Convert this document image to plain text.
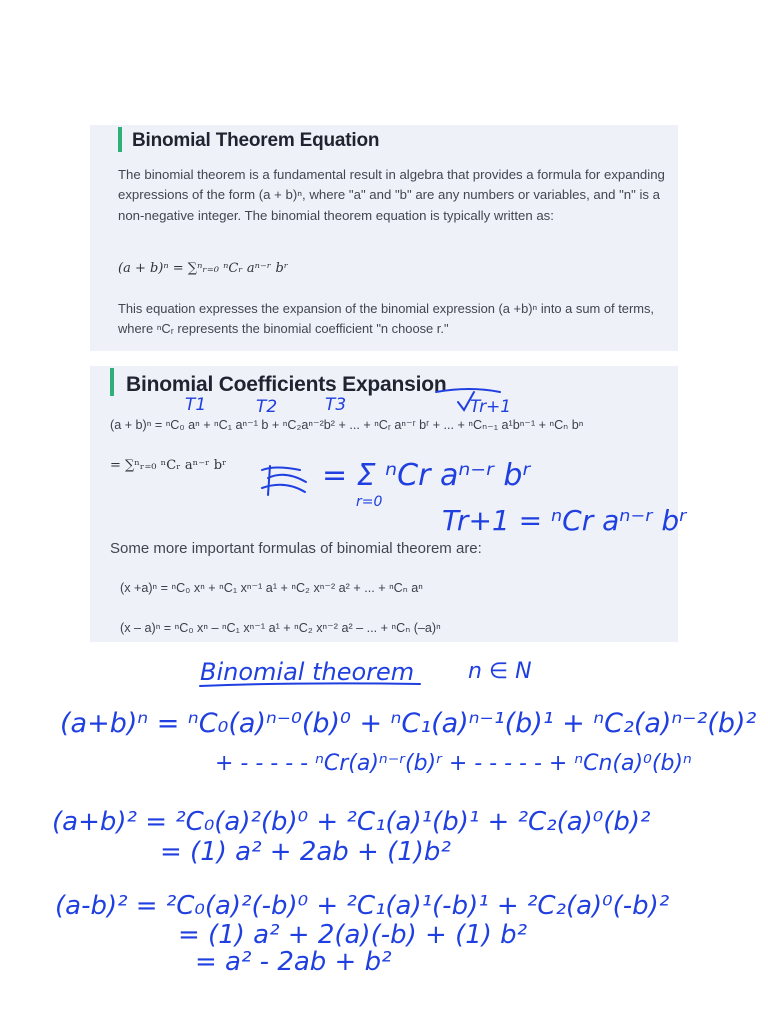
Binomial Theorem Equation
The binomial theorem is a fundamental result in algebra that provides a formula for expanding expressions of the form (a + b)ⁿ, where "a" and "b" are any numbers or variables, and "n" is a non-negative integer. The binomial theorem equation is typically written as:
(a + b)ⁿ = ∑ⁿᵣ₌₀ ⁿCᵣ aⁿ⁻ʳ bʳ
This equation expresses the expansion of the binomial expression (a +b)ⁿ into a sum of terms, where ⁿCᵣ represents the binomial coefficient "n choose r."
Binomial Coefficients Expansion
(a + b)ⁿ = ⁿC₀ aⁿ + ⁿC₁ aⁿ⁻¹ b + ⁿC₂aⁿ⁻²b² + ... + ⁿCᵣ aⁿ⁻ʳ bʳ + ... + ⁿCₙ₋₁ a¹bⁿ⁻¹ + ⁿCₙ bⁿ
= ∑ⁿᵣ₌₀ ⁿCᵣ aⁿ⁻ʳ bʳ
Some more important formulas of binomial theorem are:
(x +a)ⁿ = ⁿC₀ xⁿ + ⁿC₁ xⁿ⁻¹ a¹ + ⁿC₂ xⁿ⁻² a² + ... + ⁿCₙ aⁿ
(x – a)ⁿ = ⁿC₀ xⁿ – ⁿC₁ xⁿ⁻¹ a¹ + ⁿC₂ xⁿ⁻² a² – ... + ⁿCₙ (–a)ⁿ
T1	T2	T3	Tr+1
= Σ ⁿCr aⁿ⁻ʳ bʳ
r=0
Tr+1 = ⁿCr aⁿ⁻ʳ bʳ
Binomial theorem n ∈ N
(a+b)ⁿ = ⁿC₀(a)ⁿ⁻⁰(b)⁰ + ⁿC₁(a)ⁿ⁻¹(b)¹ + ⁿC₂(a)ⁿ⁻²(b)²
+ - - - - - ⁿCr(a)ⁿ⁻ʳ(b)ʳ + - - - - - + ⁿCn(a)⁰(b)ⁿ
(a+b)² = ²C₀(a)²(b)⁰ + ²C₁(a)¹(b)¹ + ²C₂(a)⁰(b)²
= (1) a² + 2ab + (1)b²
(a-b)² = ²C₀(a)²(-b)⁰ + ²C₁(a)¹(-b)¹ + ²C₂(a)⁰(-b)²
= (1) a² + 2(a)(-b) + (1) b²
= a² - 2ab + b²
